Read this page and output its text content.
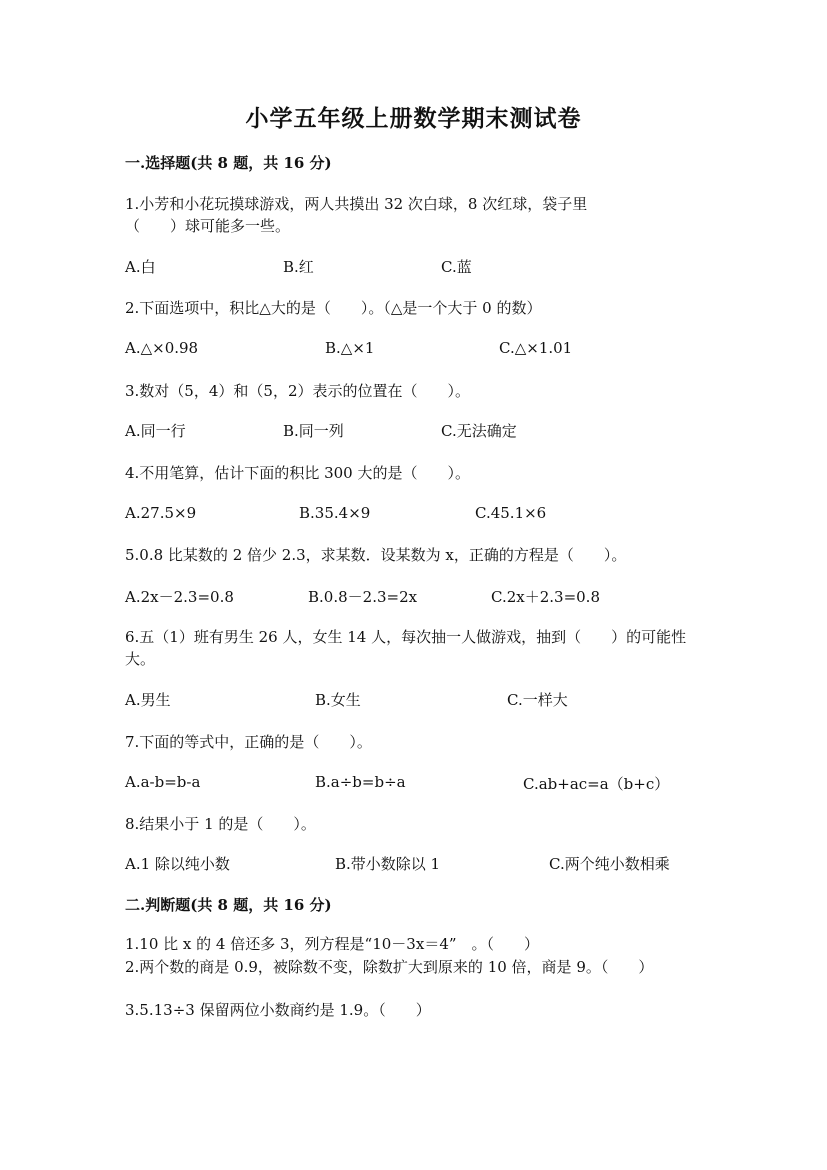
小学五年级上册数学期末测试卷
一.选择题(共 8 题，共 16 分)
1.小芳和小花玩摸球游戏，两人共摸出 32 次白球，8 次红球，袋子里（　　）球可能多一些。
A.白	B.红	C.蓝
2.下面选项中，积比△大的是（　　）。（△是一个大于 0 的数）
A.△×0.98	B.△×1	C.△×1.01
3.数对（5，4）和（5，2）表示的位置在（　　）。
A.同一行	B.同一列	C.无法确定
4.不用笔算，估计下面的积比 300 大的是（　　）。
A.27.5×9	B.35.4×9	C.45.1×6
5.0.8 比某数的 2 倍少 2.3，求某数．设某数为 x，正确的方程是（　　）。
A.2x－2.3=0.8	B.0.8－2.3=2x	C.2x＋2.3=0.8
6.五（1）班有男生 26 人，女生 14 人，每次抽一人做游戏，抽到（　　）的可能性大。
A.男生	B.女生	C.一样大
7.下面的等式中，正确的是（　　）。
A.a-b=b-a	B.a÷b=b÷a	C.ab+ac=a（b+c）
8.结果小于 1 的是（　　）。
A.1 除以纯小数	B.带小数除以 1	C.两个纯小数相乘
二.判断题(共 8 题，共 16 分)
1.10 比 x 的 4 倍还多 3，列方程是“10－3x＝4”　。（　　）
2.两个数的商是 0.9，被除数不变，除数扩大到原来的 10 倍，商是 9。（　　）
3.5.13÷3 保留两位小数商约是 1.9。（　　）
